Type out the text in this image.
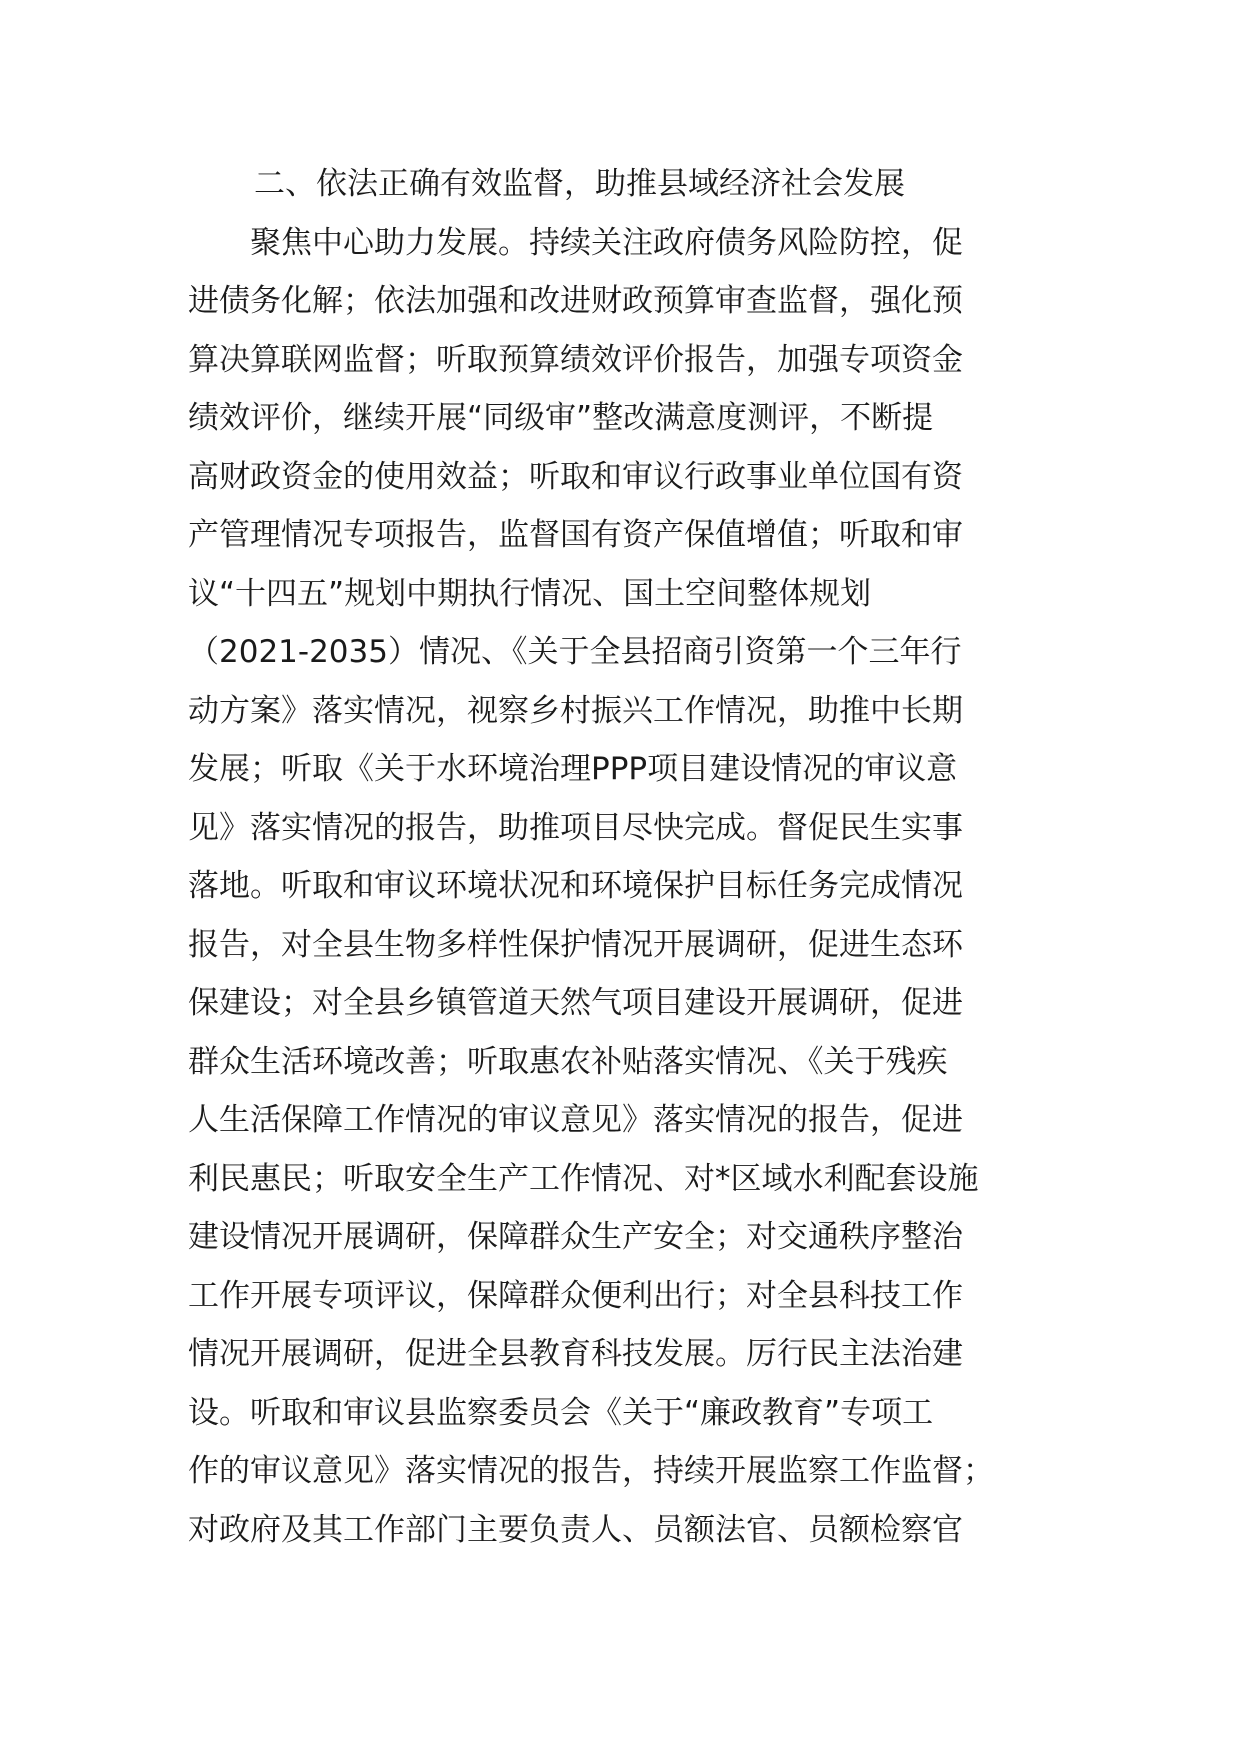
二、依法正确有效监督，助推县域经济社会发展
　　聚焦中心助力发展。持续关注政府债务风险防控，促
进债务化解；依法加强和改进财政预算审查监督，强化预
算决算联网监督；听取预算绩效评价报告，加强专项资金
绩效评价，继续开展“同级审”整改满意度测评，不断提
高财政资金的使用效益；听取和审议行政事业单位国有资
产管理情况专项报告，监督国有资产保值增值；听取和审
议“十四五”规划中期执行情况、国土空间整体规划
（2021-2035）情况、《关于全县招商引资第一个三年行
动方案》落实情况，视察乡村振兴工作情况，助推中长期
发展；听取《关于水环境治理PPP项目建设情况的审议意
见》落实情况的报告，助推项目尽快完成。督促民生实事
落地。听取和审议环境状况和环境保护目标任务完成情况
报告，对全县生物多样性保护情况开展调研，促进生态环
保建设；对全县乡镇管道天然气项目建设开展调研，促进
群众生活环境改善；听取惠农补贴落实情况、《关于残疾
人生活保障工作情况的审议意见》落实情况的报告，促进
利民惠民；听取安全生产工作情况、对*区域水利配套设施
建设情况开展调研，保障群众生产安全；对交通秩序整治
工作开展专项评议，保障群众便利出行；对全县科技工作
情况开展调研，促进全县教育科技发展。厉行民主法治建
设。听取和审议县监察委员会《关于“廉政教育”专项工
作的审议意见》落实情况的报告，持续开展监察工作监督；
对政府及其工作部门主要负责人、员额法官、员额检察官
